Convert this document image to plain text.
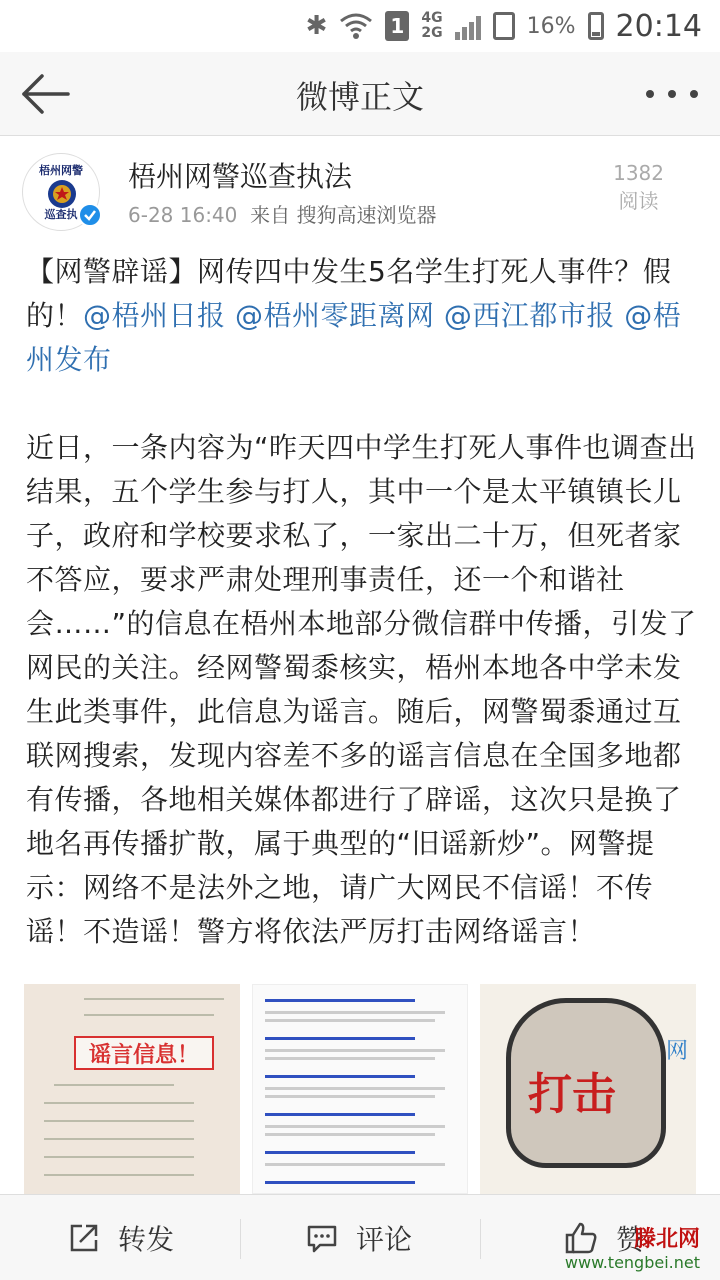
✱	1	4G
2G	16% 20:14
微博正文
梧州网警
巡查执
梧州网警巡查执法
6-28 16:40 来自 搜狗高速浏览器
1382
阅读

【网警辟谣】网传四中发生5名学生打死人事件？假的！@梧州日报 @梧州零距离网 @西江都市报 @梧州发布

近日，一条内容为“昨天四中学生打死人事件也调查出结果，五个学生参与打人，其中一个是太平镇镇长儿子，政府和学校要求私了，一家出二十万，但死者家不答应，要求严肃处理刑事责任，还一个和谐社会……”的信息在梧州本地部分微信群中传播，引发了网民的关注。经网警蜀黍核实，梧州本地各中学未发生此类事件，此信息为谣言。随后，网警蜀黍通过互联网搜索，发现内容差不多的谣言信息在全国多地都有传播，各地相关媒体都进行了辟谣，这次只是换了地名再传播扩散，属于典型的“旧谣新炒”。网警提示：网络不是法外之地，请广大网民不信谣！不传谣！不造谣！警方将依法严厉打击网络谣言！

谣言信息！
打击
网
转发	评论	赞
滕北网
www.tengbei.net
